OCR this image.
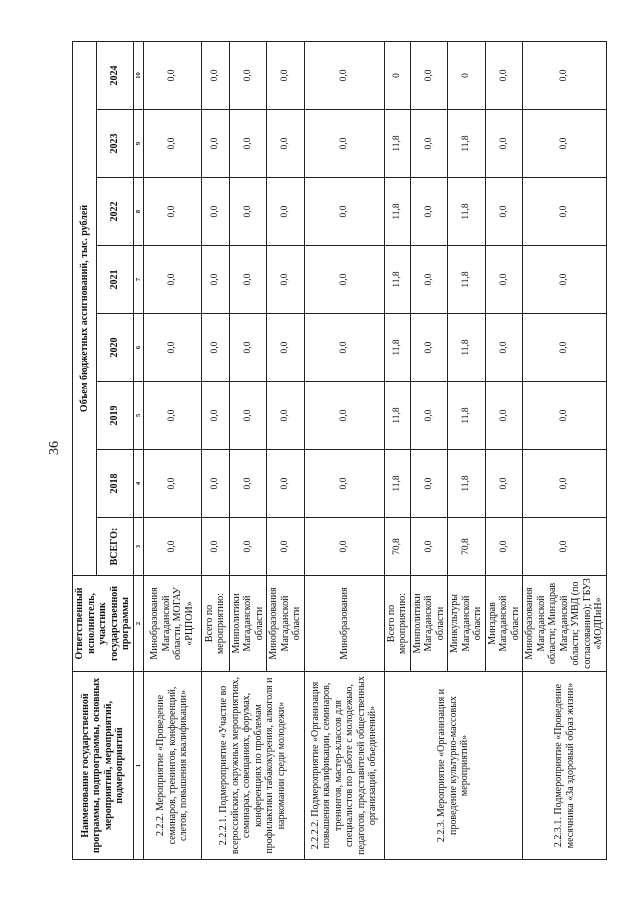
36
Наименование государственной программы, подпрограммы, основных мероприятий, мероприятий, подмероприятий	Ответственный исполнитель, участник государственной программы	Объем бюджетных ассигнований, тыс. рублей							
		ВСЕГО:	2018	2019	2020	2021	2022	2023	2024
1	2	3	4	5	6	7	8	9	10
2.2.2. Мероприятие «Проведение семинаров, тренингов, конференций, слетов, повышения квалификации»	Минобразования Магаданской области, МОГАУ «РЦПОИ»	0,0	0,0	0,0	0,0	0,0	0,0	0,0	0,0
2.2.2.1. Подмероприятие «Участие во всероссийских, окружных мероприятиях, семинарах, совещаниях, форумах, конференциях по проблемам профилактики табакокурения, алкоголя и наркомании среди молодежи»	Всего по мероприятию:	0,0	0,0	0,0	0,0	0,0	0,0	0,0	0,0
	Минполитики Магаданской области	0,0	0,0	0,0	0,0	0,0	0,0	0,0	0,0
	Минобразования Магаданской области	0,0	0,0	0,0	0,0	0,0	0,0	0,0	0,0
2.2.2.2. Подмероприятие «Организация повышения квалификации, семинаров, тренингов, мастер-классов для специалистов по работе с молодежью, педагогов, представителей общественных организаций, объединений»	Минобразования	0,0	0,0	0,0	0,0	0,0	0,0	0,0	0,0
2.2.3. Мероприятие «Организация и проведение культурно-массовых мероприятий»	Всего по мероприятию:	70,8	11,8	11,8	11,8	11,8	11,8	11,8	0
	Минполитики Магаданской области	0,0	0,0	0,0	0,0	0,0	0,0	0,0	0,0
	Минкультуры Магаданской области	70,8	11,8	11,8	11,8	11,8	11,8	11,8	0
	Минздрав Магаданской области	0,0	0,0	0,0	0,0	0,0	0,0	0,0	0,0
2.2.3.1. Подмероприятие «Проведение месячника «За здоровый образ жизни»	Минобразования Магаданской области; Минздрав Магаданской области; УМВД (по согласованию); ГБУЗ «МОДПиН»	0,0	0,0	0,0	0,0	0,0	0,0	0,0	0,0
